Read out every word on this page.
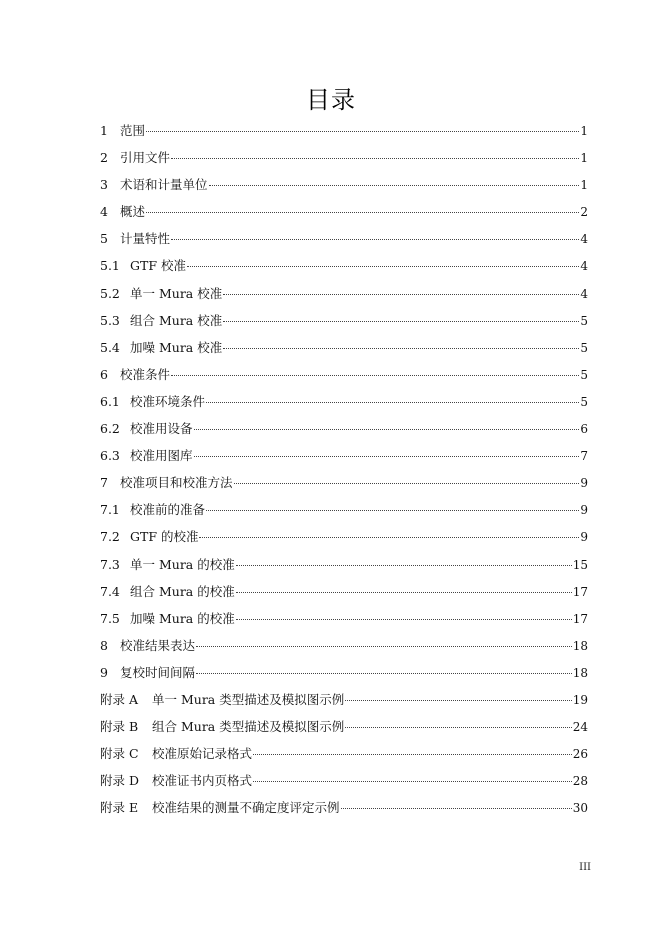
目录
1 范围	1
2 引用文件	1
3 术语和计量单位	1
4 概述	2
5 计量特性	4
5.1 GTF 校准	4
5.2 单一 Mura 校准	4
5.3 组合 Mura 校准	5
5.4 加噪 Mura 校准	5
6 校准条件	5
6.1 校准环境条件	5
6.2 校准用设备	6
6.3 校准用图库	7
7 校准项目和校准方法	9
7.1 校准前的准备	9
7.2 GTF 的校准	9
7.3 单一 Mura 的校准	15
7.4 组合 Mura 的校准	17
7.5 加噪 Mura 的校准	17
8 校准结果表达	18
9 复校时间间隔	18
附录 A	单一 Mura 类型描述及模拟图示例	19
附录 B	组合 Mura 类型描述及模拟图示例	24
附录 C	校准原始记录格式	26
附录 D	校准证书内页格式	28
附录 E	校准结果的测量不确定度评定示例	30
III
